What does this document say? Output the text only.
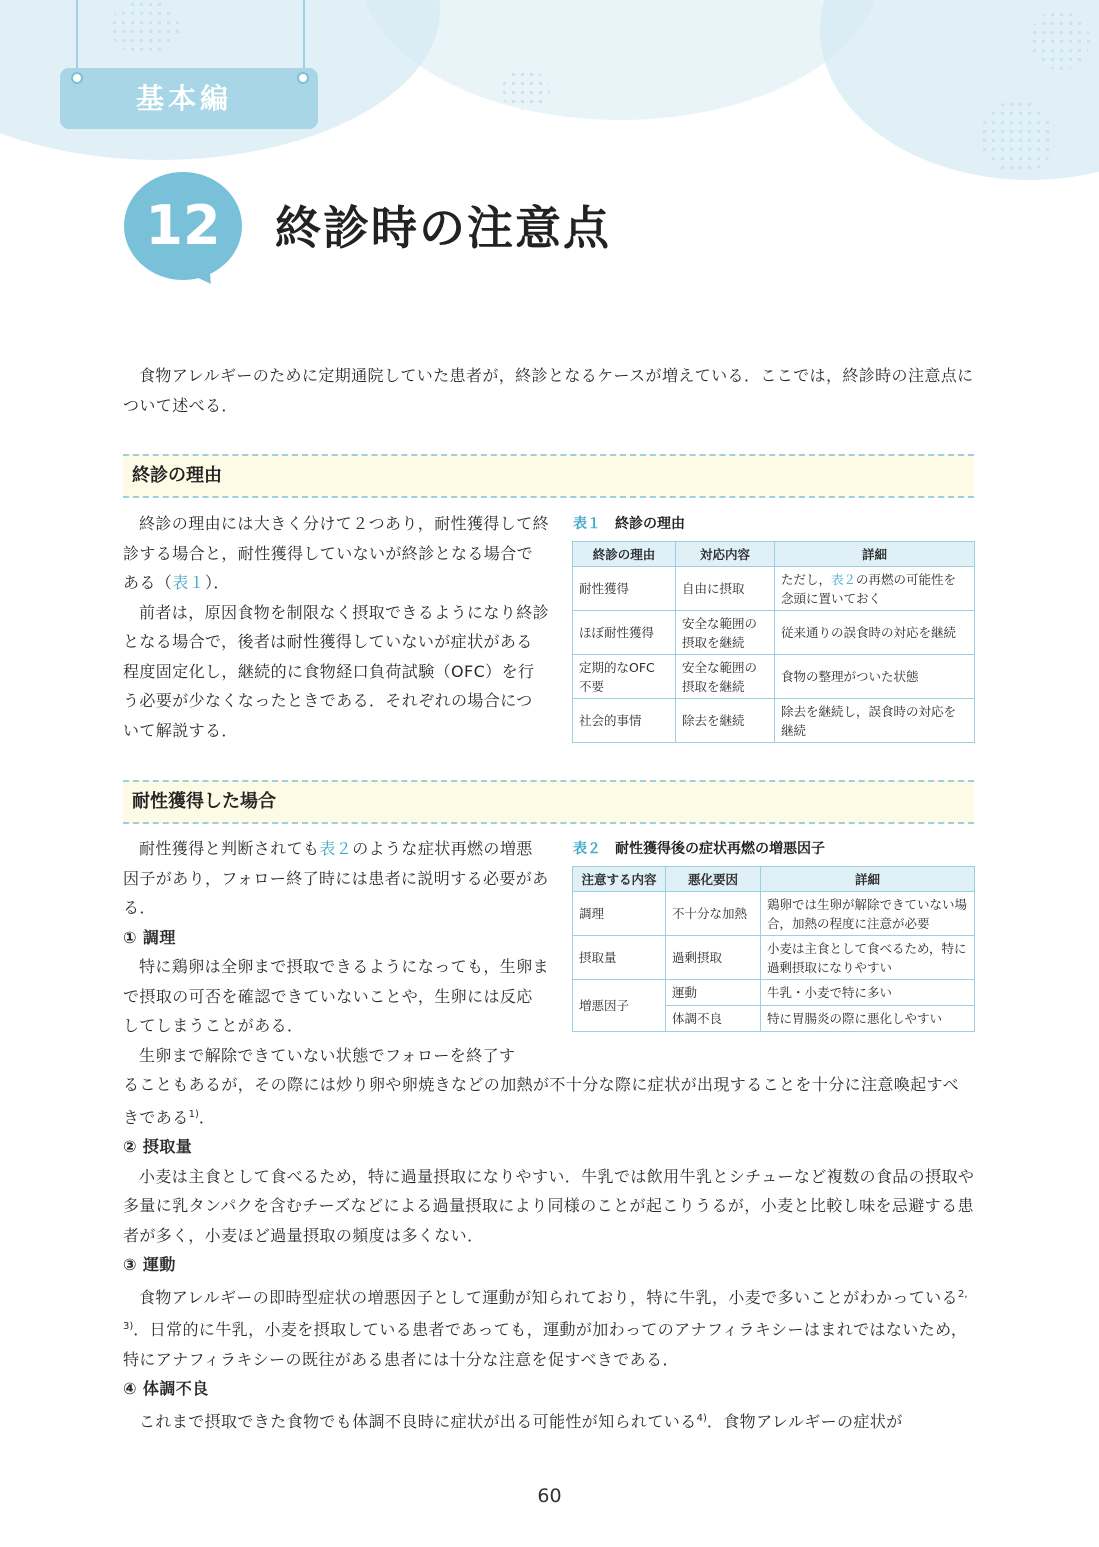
基本編
12	終診時の注意点

食物アレルギーのために定期通院していた患者が，終診となるケースが増えている．ここでは，終診時の注意点について述べる．

終診の理由

終診の理由には大きく分けて２つあり，耐性獲得して終診する場合と，耐性獲得していないが終診となる場合である（表１）．

前者は，原因食物を制限なく摂取できるようになり終診となる場合で，後者は耐性獲得していないが症状がある程度固定化し，継続的に食物経口負荷試験（OFC）を行う必要が少なくなったときである．それぞれの場合について解説する．

表１ 終診の理由
終診の理由	対応内容	詳細
耐性獲得	自由に摂取	ただし，表２の再燃の可能性を念頭に置いておく
ほぼ耐性獲得	安全な範囲の摂取を継続	従来通りの誤食時の対応を継続
定期的なOFC 不要	安全な範囲の摂取を継続	食物の整理がついた状態
社会的事情	除去を継続	除去を継続し，誤食時の対応を継続
耐性獲得した場合

耐性獲得と判断されても表２のような症状再燃の増悪因子があり，フォロー終了時には患者に説明する必要がある．

① 調理

特に鶏卵は全卵まで摂取できるようになっても，生卵まで摂取の可否を確認できていないことや，生卵には反応してしまうことがある．

生卵まで解除できていない状態でフォローを終了す

表２ 耐性獲得後の症状再燃の増悪因子
注意する内容	悪化要因	詳細
調理	不十分な加熱	鶏卵では生卵が解除できていない場合，加熱の程度に注意が必要
摂取量	過剰摂取	小麦は主食として食べるため，特に過剰摂取になりやすい
増悪因子	運動	牛乳・小麦で特に多い
	体調不良	特に胃腸炎の際に悪化しやすい

ることもあるが，その際には炒り卵や卵焼きなどの加熱が不十分な際に症状が出現することを十分に注意喚起すべきである$^{1)}$．

② 摂取量

小麦は主食として食べるため，特に過量摂取になりやすい．牛乳では飲用牛乳とシチューなど複数の食品の摂取や多量に乳タンパクを含むチーズなどによる過量摂取により同様のことが起こりうるが，小麦と比較し味を忌避する患者が多く，小麦ほど過量摂取の頻度は多くない．

③ 運動

食物アレルギーの即時型症状の増悪因子として運動が知られており，特に牛乳，小麦で多いことがわかっている$^{2, 3)}$．日常的に牛乳，小麦を摂取している患者であっても，運動が加わってのアナフィラキシーはまれではないため，特にアナフィラキシーの既往がある患者には十分な注意を促すべきである．

④ 体調不良

これまで摂取できた食物でも体調不良時に症状が出る可能性が知られている$^{4)}$．食物アレルギーの症状が

60
